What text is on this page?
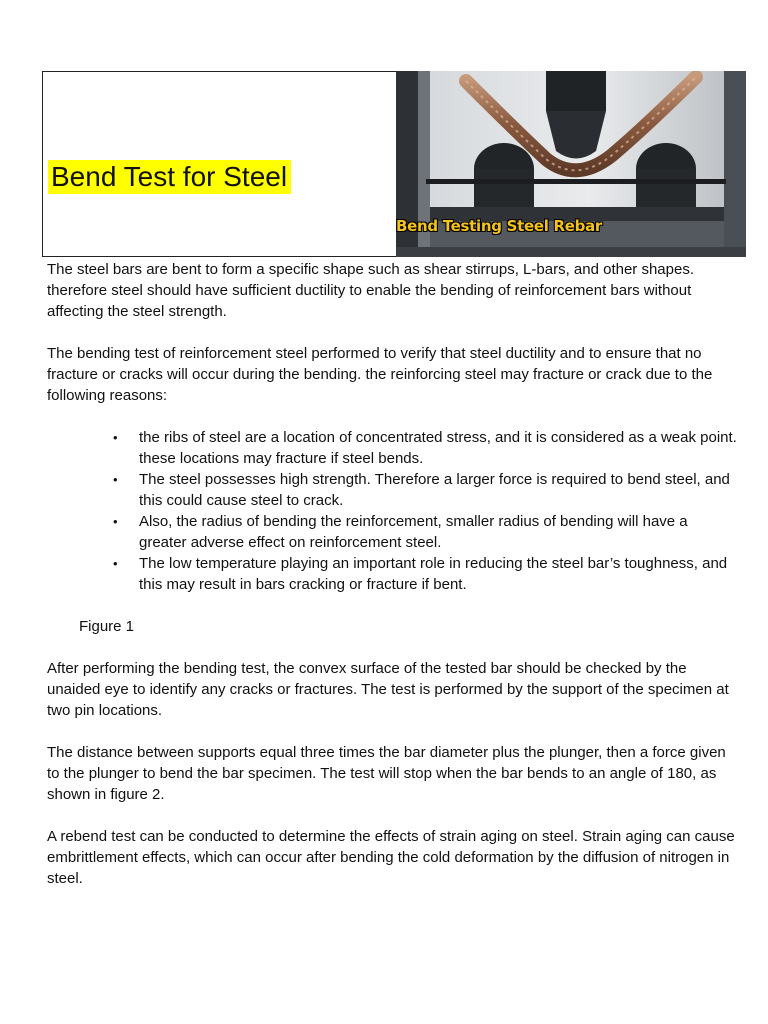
Bend Test for Steel
Bend Testing Steel Rebar

The steel bars are bent to form a specific shape such as shear stirrups, L-bars, and other shapes. therefore steel should have sufficient ductility to enable the bending of reinforcement bars without affecting the steel strength.

The bending test of reinforcement steel performed to verify that steel ductility and to ensure that no fracture or cracks will occur during the bending. the reinforcing steel may fracture or crack due to the following reasons:

• the ribs of steel are a location of concentrated stress, and it is considered as a weak point. these locations may fracture if steel bends.
• The steel possesses high strength. Therefore a larger force is required to bend steel, and this could cause steel to crack.
• Also, the radius of bending the reinforcement, smaller radius of bending will have a greater adverse effect on reinforcement steel.
• The low temperature playing an important role in reducing the steel bar’s toughness, and this may result in bars cracking or fracture if bent.

Figure 1

After performing the bending test, the convex surface of the tested bar should be checked by the unaided eye to identify any cracks or fractures. The test is performed by the support of the specimen at two pin locations.

The distance between supports equal three times the bar diameter plus the plunger, then a force given to the plunger to bend the bar specimen. The test will stop when the bar bends to an angle of 180, as shown in figure 2.

A rebend test can be conducted to determine the effects of strain aging on steel. Strain aging can cause embrittlement effects, which can occur after bending the cold deformation by the diffusion of nitrogen in steel.
